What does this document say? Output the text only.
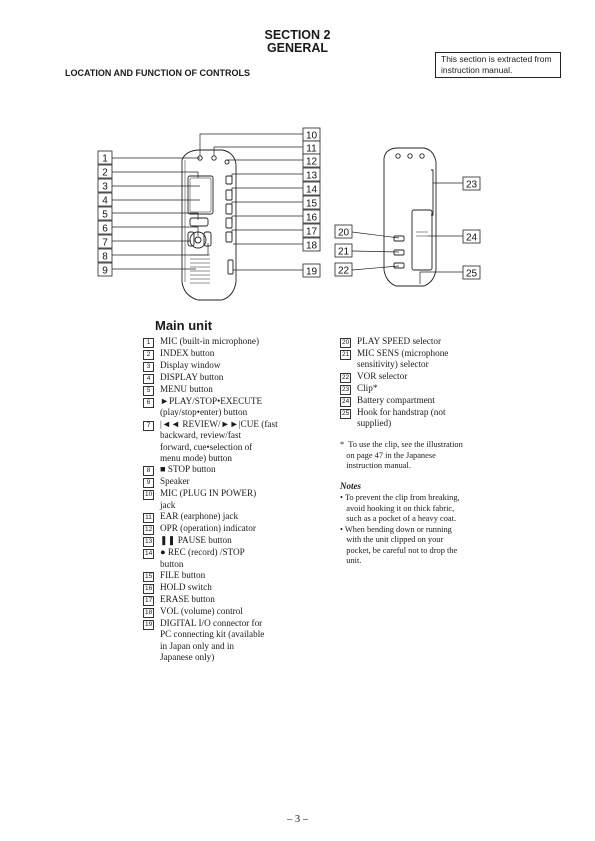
SECTION 2
GENERAL
This section is extracted from
instruction manual.
LOCATION AND FUNCTION OF CONTROLS
1
2
3
4
5
6
7
8
9
10
11
12
13
14
15
16
17
18
19
20
21
22
23
24
25
Main unit
1	MIC (built-in microphone)
2	INDEX button
3	Display window
4	DISPLAY button
5	MENU button
6	►PLAY/STOP•EXECUTE
(play/stop•enter) button
7	|◄◄ REVIEW/►►|CUE (fast
backward, review/fast
forward, cue•selection of
menu mode) button
8	■ STOP button
9	Speaker
10 MIC (PLUG IN POWER)
jack
11 EAR (earphone) jack
12 OPR (operation) indicator
13 ❚❚ PAUSE button
14 ● REC (record) /STOP
button
15 FILE button
16 HOLD switch
17 ERASE button
18 VOL (volume) control
19 DIGITAL I/O connector for
PC connecting kit (available
in Japan only and in
Japanese only)
20 PLAY SPEED selector
21 MIC SENS (microphone
sensitivity) selector
22 VOR selector
23 Clip*
24 Battery compartment
25 Hook for handstrap (not
supplied)
*  To use the clip, see the illustration
on page 47 in the Japanese
instruction manual.
Notes
• To prevent the clip from breaking,
avoid hooking it on thick fabric,
such as a pocket of a heavy coat.
• When bending down or running
with the unit clipped on your
pocket, be careful not to drop the
unit.
– 3 –
